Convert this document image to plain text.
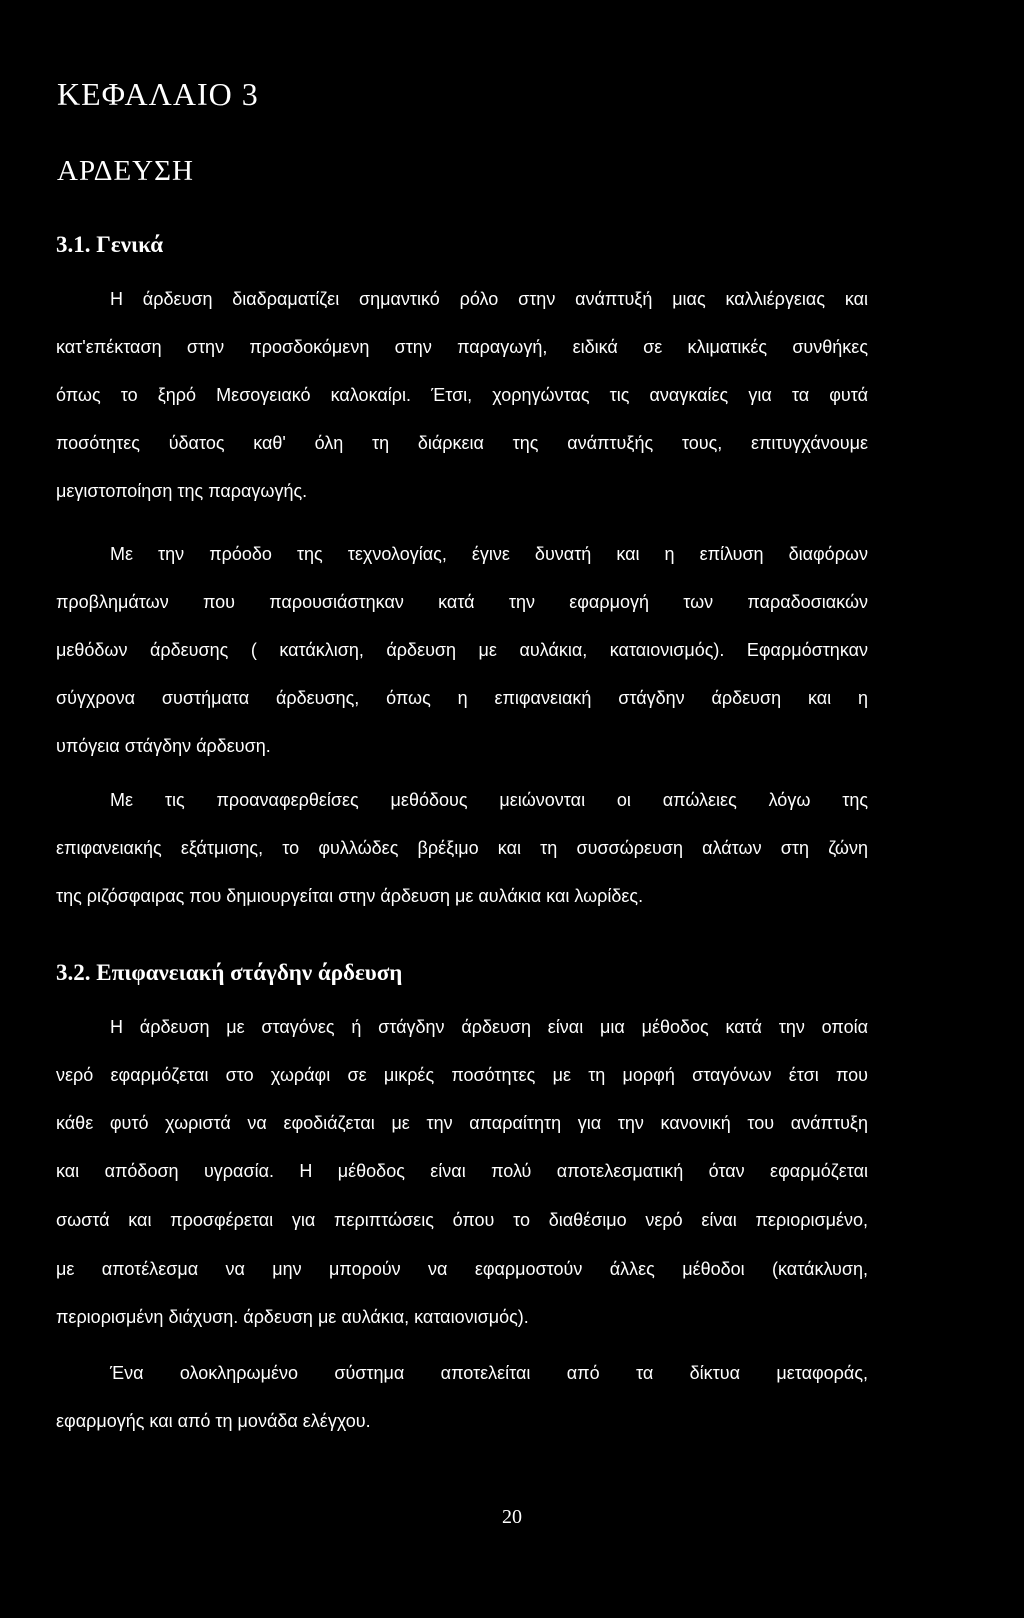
ΚΕΦΑΛΑΙΟ 3
ΑΡΔΕΥΣΗ
3.1. Γενικά

Η άρδευση διαδραματίζει σημαντικό ρόλο στην ανάπτυξή μιας καλλιέργειας και

κατ'επέκταση στην προσδοκόμενη στην παραγωγή, ειδικά σε κλιματικές συνθήκες

όπως το ξηρό Μεσογειακό καλοκαίρι. Έτσι, χορηγώντας τις αναγκαίες για τα φυτά

ποσότητες ύδατος καθ' όλη τη διάρκεια της ανάπτυξής τους, επιτυγχάνουμε

μεγιστοποίηση της παραγωγής.

Με την πρόοδο της τεχνολογίας, έγινε δυνατή και η επίλυση διαφόρων

προβλημάτων που παρουσιάστηκαν κατά την εφαρμογή των παραδοσιακών

μεθόδων άρδευσης ( κατάκλιση, άρδευση με αυλάκια, καταιονισμός). Εφαρμόστηκαν

σύγχρονα συστήματα άρδευσης, όπως η επιφανειακή στάγδην άρδευση και η

υπόγεια στάγδην άρδευση.

Με τις προαναφερθείσες μεθόδους μειώνονται οι απώλειες λόγω της

επιφανειακής εξάτμισης, το φυλλώδες βρέξιμο και τη συσσώρευση αλάτων στη ζώνη

της ριζόσφαιρας που δημιουργείται στην άρδευση με αυλάκια και λωρίδες.

3.2. Επιφανειακή στάγδην άρδευση

Η άρδευση με σταγόνες ή στάγδην άρδευση είναι μια μέθοδος κατά την οποία

νερό εφαρμόζεται στο χωράφι σε μικρές ποσότητες με τη μορφή σταγόνων έτσι που

κάθε φυτό χωριστά να εφοδιάζεται με την απαραίτητη για την κανονική του ανάπτυξη

και απόδοση υγρασία. Η μέθοδος είναι πολύ αποτελεσματική όταν εφαρμόζεται

σωστά και προσφέρεται για περιπτώσεις όπου το διαθέσιμο νερό είναι περιορισμένο,

με αποτέλεσμα να μην μπορούν να εφαρμοστούν άλλες μέθοδοι (κατάκλυση,

περιορισμένη διάχυση. άρδευση με αυλάκια, καταιονισμός).

Ένα ολοκληρωμένο σύστημα αποτελείται από τα δίκτυα μεταφοράς,

εφαρμογής και από τη μονάδα ελέγχου.

20
